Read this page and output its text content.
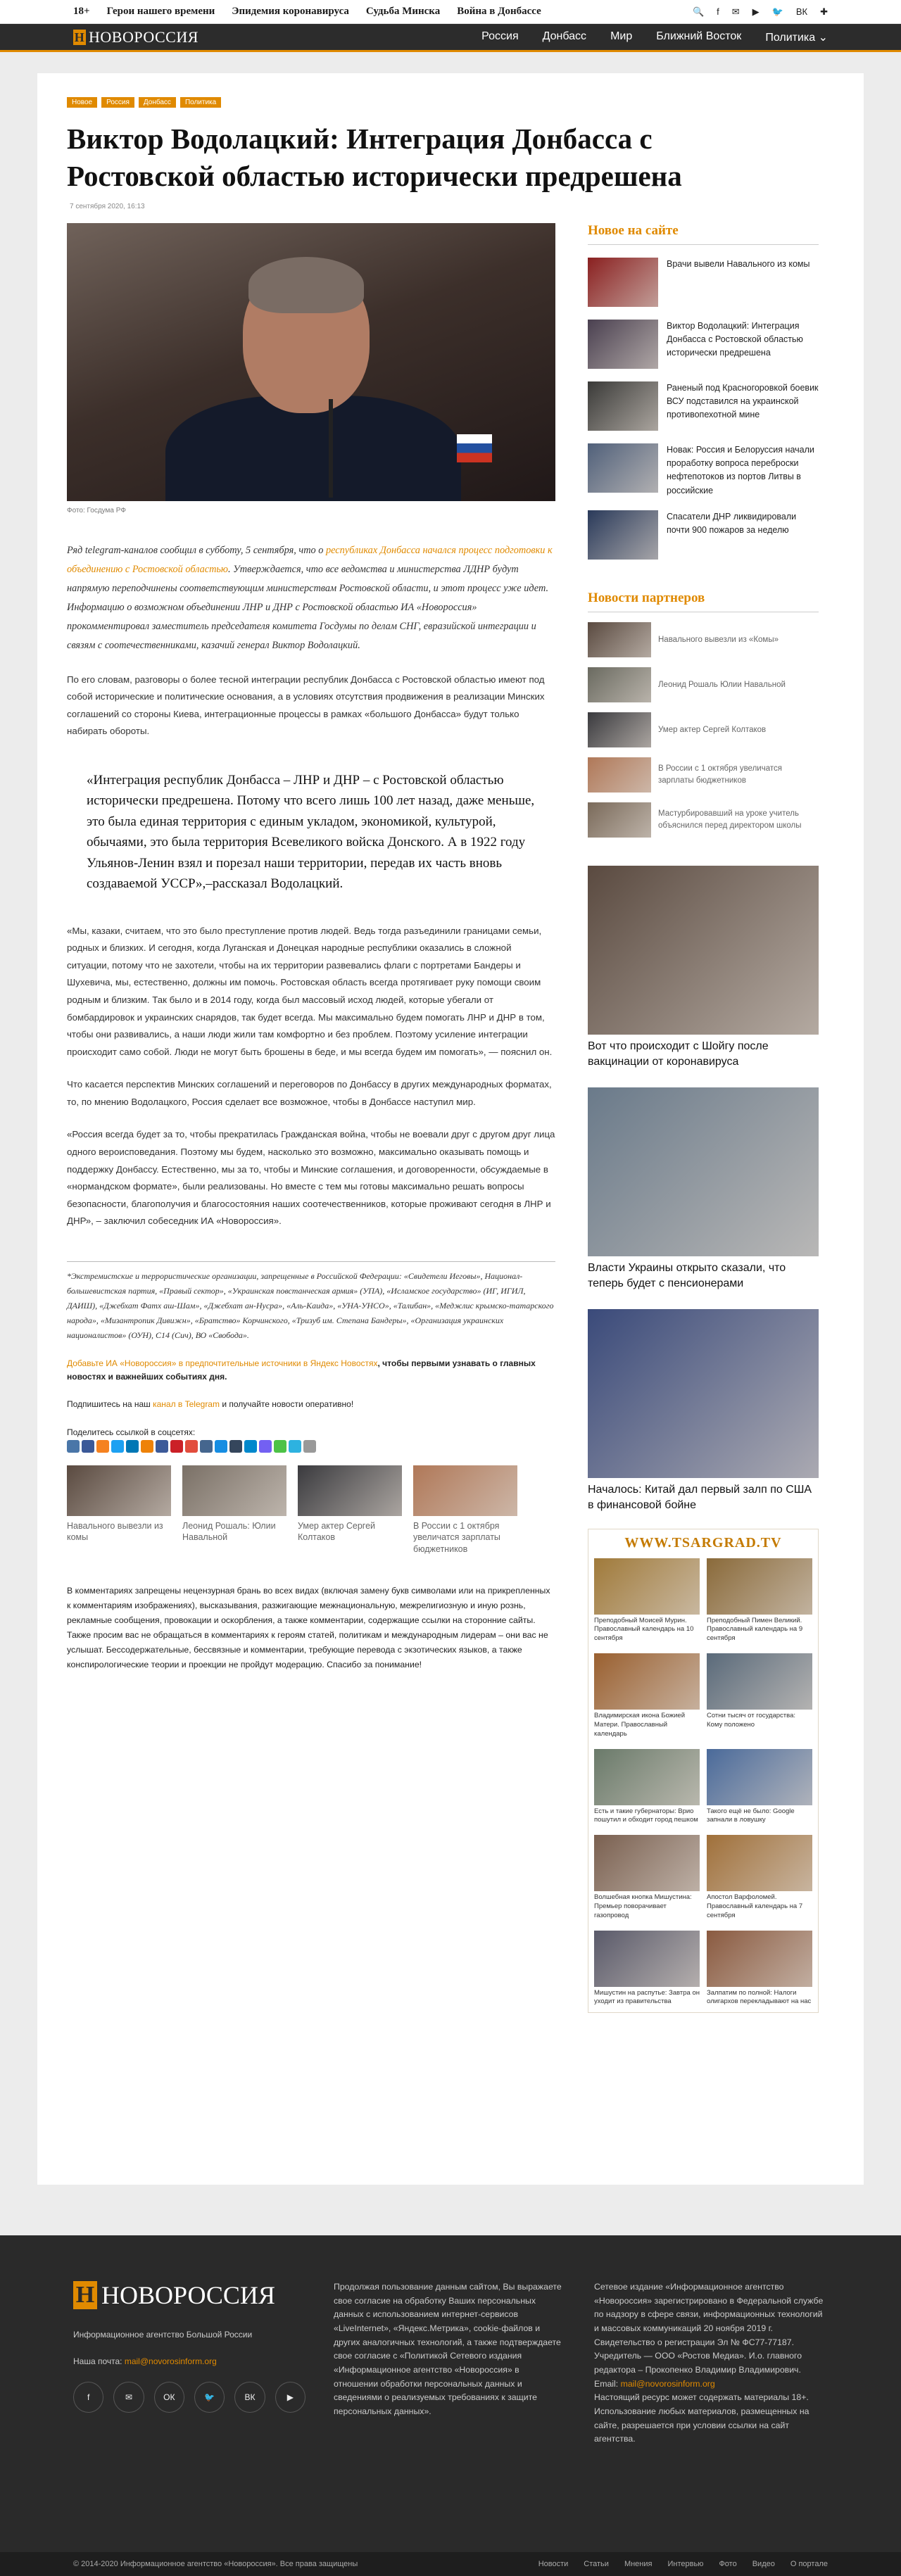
18+ Герои нашего времени Эпидемия коронавируса Судьба Минска Война в Донбассе	🔍 f ✉ ▶ 🐦 ВК ✚
Н НОВОРОССИЯ	Россия Донбасс Мир Ближний Восток Политика ⌄
Новое	Россия	Донбасс	Политика
Виктор Водолацкий: Интеграция Донбасса с Ростовской областью исторически предрешена
7 сентября 2020, 16:13
Фото: Госдума РФ

Ряд telegram-каналов сообщил в субботу, 5 сентября, что о республиках Донбасса начался процесс подготовки к объединению с Ростовской областью. Утверждается, что все ведомства и министерства ЛДНР будут напрямую переподчинены соответствующим министерствам Ростовской области, и этот процесс уже идет. Информацию о возможном объединении ЛНР и ДНР с Ростовской областью ИА «Новороссия» прокомментировал заместитель председателя комитета Госдумы по делам СНГ, евразийской интеграции и связям с соотечественниками, казачий генерал Виктор Водолацкий.

По его словам, разговоры о более тесной интеграции республик Донбасса с Ростовской областью имеют под собой исторические и политические основания, а в условиях отсутствия продвижения в реализации Минских соглашений со стороны Киева, интеграционные процессы в рамках «большого Донбасса» будут только набирать обороты.

«Интеграция республик Донбасса – ЛНР и ДНР – с Ростовской областью исторически предрешена. Потому что всего лишь 100 лет назад, даже меньше, это была единая территория с единым укладом, экономикой, культурой, обычаями, это была территория Всевеликого войска Донского. А в 1922 году Ульянов-Ленин взял и порезал наши территории, передав их часть вновь создаваемой УССР»,–рассказал Водолацкий.

«Мы, казаки, считаем, что это было преступление против людей. Ведь тогда разъединили границами семьи, родных и близких. И сегодня, когда Луганская и Донецкая народные республики оказались в сложной ситуации, потому что не захотели, чтобы на их территории развевались флаги с портретами Бандеры и Шухевича, мы, естественно, должны им помочь. Ростовская область всегда протягивает руку помощи своим родным и близким. Так было и в 2014 году, когда был массовый исход людей, которые убегали от бомбардировок и украинских снарядов, так будет всегда. Мы максимально будем помогать ЛНР и ДНР в том, чтобы они развивались, а наши люди жили там комфортно и без проблем. Поэтому усиление интеграции происходит само собой. Люди не могут быть брошены в беде, и мы всегда будем им помогать», — пояснил он.

Что касается перспектив Минских соглашений и переговоров по Донбассу в других международных форматах, то, по мнению Водолацкого, Россия сделает все возможное, чтобы в Донбассе наступил мир.

«Россия всегда будет за то, чтобы прекратилась Гражданская война, чтобы не воевали друг с другом друг лица одного вероисповедания. Поэтому мы будем, насколько это возможно, максимально оказывать помощь и поддержку Донбассу. Естественно, мы за то, чтобы и Минские соглашения, и договоренности, обсуждаемые в «нормандском формате», были реализованы. Но вместе с тем мы готовы максимально решать вопросы безопасности, благополучия и благосостояния наших соотечественников, которые проживают сегодня в ЛНР и ДНР», – заключил собеседник ИА «Новороссия».

*Экстремистские и террористические организации, запрещенные в Российской Федерации: «Свидетели Иеговы», Национал-большевистская партия, «Правый сектор», «Украинская повстанческая армия» (УПА), «Исламское государство» (ИГ, ИГИЛ, ДАИШ), «Джебхат Фатх аш-Шам», «Джебхат ан-Нусра», «Аль-Каида», «УНА-УНСО», «Талибан», «Меджлис крымско-татарского народа», «Мизантропик Дивижн», «Братство» Корчинского, «Тризуб им. Степана Бандеры», «Организация украинских националистов» (ОУН), С14 (Сич), ВО «Свобода».

Добавьте ИА «Новороссия» в предпочтительные источники в Яндекс Новостях, чтобы первыми узнавать о главных новостях и важнейших событиях дня.

Подпишитесь на наш канал в Telegram и получайте новости оперативно!

Поделитесь ссылкой в соцсетях:
Навального вывезли из комы
Леонид Рошаль: Юлии Навальной
Умер актер Сергей Колтаков
В России с 1 октября увеличатся зарплаты бюджетников

В комментариях запрещены нецензурная брань во всех видах (включая замену букв символами или на прикрепленных к комментариям изображениях), высказывания, разжигающие межнациональную, межрелигиозную и иную рознь, рекламные сообщения, провокации и оскорбления, а также комментарии, содержащие ссылки на сторонние сайты. Также просим вас не обращаться в комментариях к героям статей, политикам и международным лидерам – они вас не услышат. Бессодержательные, бессвязные и комментарии, требующие перевода с экзотических языков, а также конспирологические теории и проекции не пройдут модерацию. Спасибо за понимание!

Новое на сайте
Врачи вывели Навального из комы
Виктор Водолацкий: Интеграция Донбасса с Ростовской областью исторически предрешена
Раненый под Красногоровкой боевик ВСУ подставился на украинской противопехотной мине
Новак: Россия и Белоруссия начали проработку вопроса переброски нефтепотоков из портов Литвы в российские
Спасатели ДНР ликвидировали почти 900 пожаров за неделю
Новости партнеров
Навального вывезли из «Комы»
Леонид Рошаль Юлии Навальной
Умер актер Сергей Колтаков
В России с 1 октября увеличатся зарплаты бюджетников
Мастурбировавший на уроке учитель объяснился перед директором школы
Вот что происходит с Шойгу после вакцинации от коронавируса
Власти Украины открыто сказали, что теперь будет с пенсионерами
Началось: Китай дал первый залп по США в финансовой бойне
WWW.TSARGRAD.TV
Преподобный Моисей Мурин. Православный календарь на 10 сентября
Преподобный Пимен Великий. Православный календарь на 9 сентября
Владимирская икона Божией Матери. Православный календарь
Сотни тысяч от государства: Кому положено
Есть и такие губернаторы: Врио пошутил и обходит город пешком
Такого ещё не было: Google запнали в ловушку
Волшебная кнопка Мишустина: Премьер поворачивает газопровод
Апостол Варфоломей. Православный календарь на 7 сентября
Мишустин на распутье: Завтра он уходит из правительства
Залпатим по полной: Налоги олигархов перекладывают на нас
Н НОВОРОССИЯ
Информационное агентство Большой России
Наша почта: mail@novorosinform.org
f	✉	ОК	🐦	ВК	▶
Продолжая пользование данным сайтом, Вы выражаете свое согласие на обработку Ваших персональных данных с использованием интернет-сервисов «LiveInternet», «Яндекс.Метрика», cookie-файлов и других аналогичных технологий, а также подтверждаете свое согласие с «Политикой Сетевого издания «Информационное агентство «Новороссия» в отношении обработки персональных данных и сведениями о реализуемых требованиях к защите персональных данных».
Сетевое издание «Информационное агентство «Новороссия» зарегистрировано в Федеральной службе по надзору в сфере связи, информационных технологий и массовых коммуникаций 20 ноября 2019 г. Свидетельство о регистрации Эл № ФС77-77187. Учредитель — ООО «Ростов Медиа». И.о. главного редактора – Прокопенко Владимир Владимирович.
Email: mail@novorosinform.org
Настоящий ресурс может содержать материалы 18+. Использование любых материалов, размещенных на сайте, разрешается при условии ссылки на сайт агентства.
© 2014-2020 Информационное агентство «Новороссия». Все права защищены	Новости Статьи Мнения Интервью Фото Видео О портале
